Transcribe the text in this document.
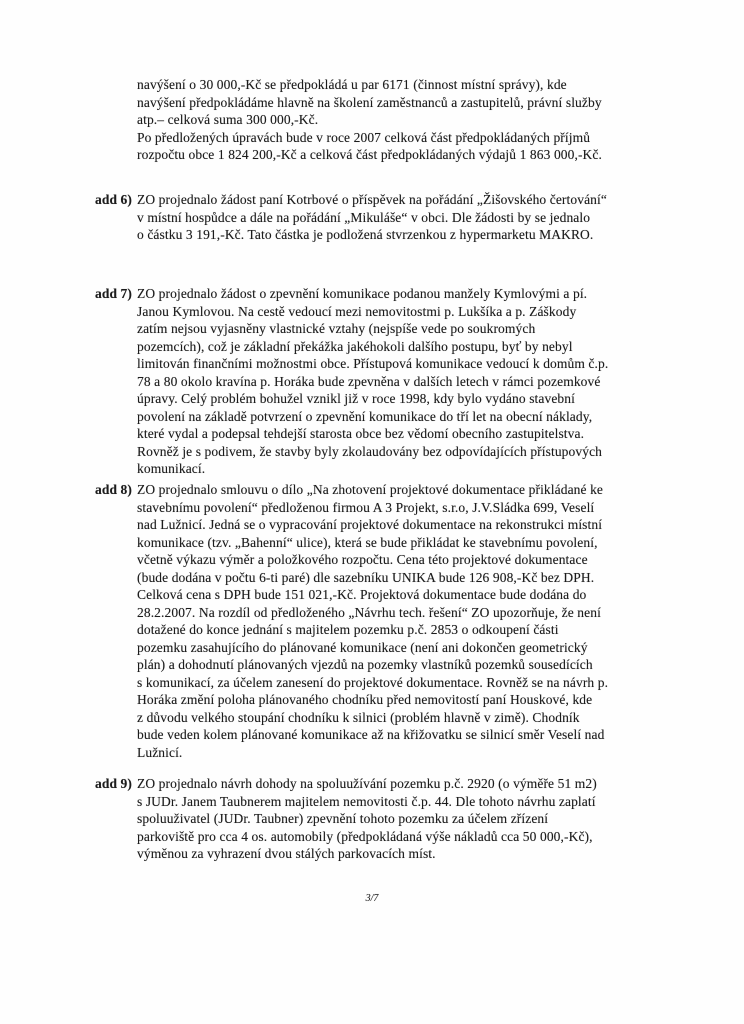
navýšení o 30 000,-Kč se předpokládá u par 6171 (činnost místní správy), kde
navýšení předpokládáme hlavně na školení zaměstnanců a zastupitelů, právní služby
atp.– celková suma 300 000,-Kč.
Po předložených úpravách bude v roce 2007 celková část předpokládaných příjmů
rozpočtu obce 1 824 200,-Kč a celková část předpokládaných výdajů 1 863 000,-Kč.
add 6) ZO projednalo žádost paní Kotrbové o příspěvek na pořádání „Žišovského čertování“
v místní hospůdce a dále na pořádání „Mikuláše“ v obci. Dle žádosti by se jednalo
o částku 3 191,-Kč. Tato částka je podložená stvrzenkou z hypermarketu MAKRO.
add 7) ZO projednalo žádost o zpevnění komunikace podanou manžely Kymlovými a pí.
Janou Kymlovou. Na cestě vedoucí mezi nemovitostmi p. Lukšíka a p. Záškody
zatím nejsou vyjasněny vlastnické vztahy (nejspíše vede po soukromých
pozemcích), což je základní překážka jakéhokoli dalšího postupu, byť by nebyl
limitován finančními možnostmi obce. Přístupová komunikace vedoucí k domům č.p.
78 a 80 okolo kravína p. Horáka bude zpevněna v dalších letech v rámci pozemkové
úpravy. Celý problém bohužel vznikl již v roce 1998, kdy bylo vydáno stavební
povolení na základě potvrzení o zpevnění komunikace do tří let na obecní náklady,
které vydal a podepsal tehdejší starosta obce bez vědomí obecního zastupitelstva.
Rovněž je s podivem, že stavby byly zkolaudovány bez odpovídajících přístupových
komunikací.
add 8) ZO projednalo smlouvu o dílo „Na zhotovení projektové dokumentace přikládané ke
stavebnímu povolení“ předloženou firmou A 3 Projekt, s.r.o, J.V.Sládka 699, Veselí
nad Lužnicí. Jedná se o vypracování projektové dokumentace na rekonstrukci místní
komunikace (tzv. „Bahenní“ ulice), která se bude přikládat ke stavebnímu povolení,
včetně výkazu výměr a položkového rozpočtu. Cena této projektové dokumentace
(bude dodána v počtu 6-ti paré) dle sazebníku UNIKA bude 126 908,-Kč bez DPH.
Celková cena s DPH bude 151 021,-Kč. Projektová dokumentace bude dodána do
28.2.2007. Na rozdíl od předloženého „Návrhu tech. řešení“ ZO upozorňuje, že není
dotažené do konce jednání s majitelem pozemku p.č. 2853 o odkoupení části
pozemku zasahujícího do plánované komunikace (není ani dokončen geometrický
plán) a dohodnutí plánovaných vjezdů na pozemky vlastníků pozemků sousedících
s komunikací, za účelem zanesení do projektové dokumentace. Rovněž se na návrh p.
Horáka změní poloha plánovaného chodníku před nemovitostí paní Houskové, kde
z důvodu velkého stoupání chodníku k silnici (problém hlavně v zimě). Chodník
bude veden kolem plánované komunikace až na křižovatku se silnicí směr Veselí nad
Lužnicí.
add 9) ZO projednalo návrh dohody na spoluužívání pozemku p.č. 2920 (o výměře 51 m2)
s JUDr. Janem Taubnerem majitelem nemovitosti č.p. 44. Dle tohoto návrhu zaplatí
spoluuživatel (JUDr. Taubner) zpevnění tohoto pozemku za účelem zřízení
parkoviště pro cca 4 os. automobily (předpokládaná výše nákladů cca 50 000,-Kč),
výměnou za vyhrazení dvou stálých parkovacích míst.
3/7
